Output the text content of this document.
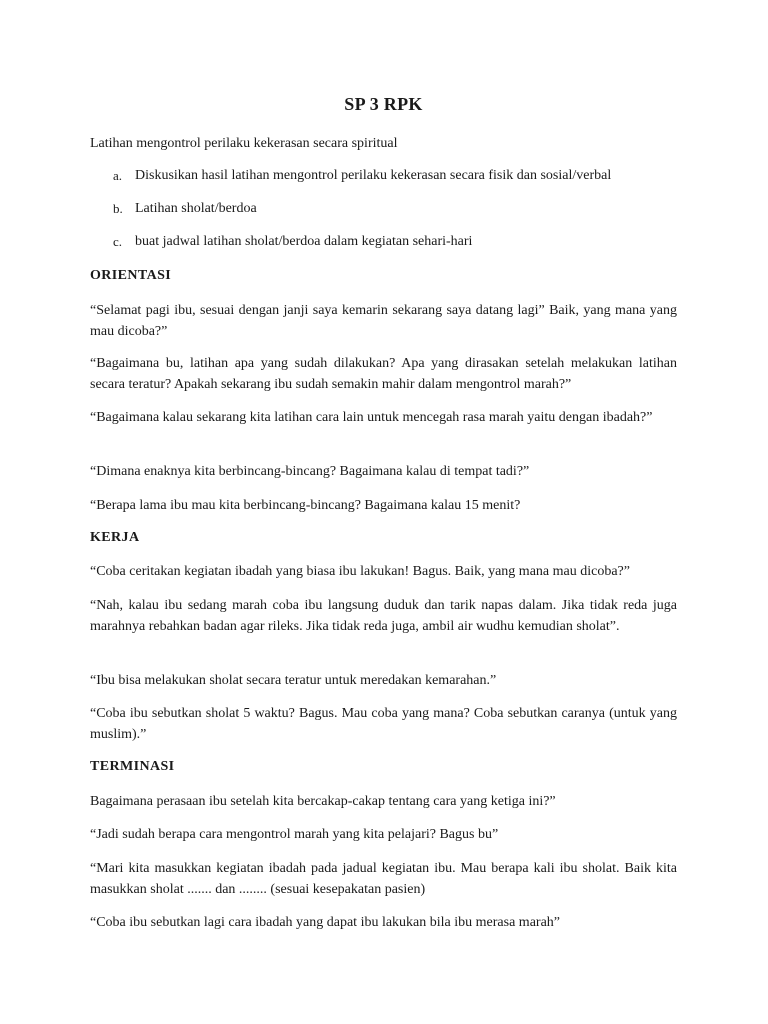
SP 3 RPK
Latihan mengontrol perilaku kekerasan secara spiritual
a. Diskusikan hasil latihan mengontrol perilaku kekerasan secara fisik dan sosial/verbal
b. Latihan sholat/berdoa
c. buat jadwal latihan sholat/berdoa dalam kegiatan sehari-hari
ORIENTASI

“Selamat pagi ibu, sesuai dengan janji saya kemarin sekarang saya datang lagi” Baik, yang mana yang mau dicoba?”

“Bagaimana bu, latihan apa yang sudah dilakukan? Apa yang dirasakan setelah melakukan latihan secara teratur? Apakah sekarang ibu sudah semakin mahir dalam mengontrol marah?”

“Bagaimana kalau sekarang kita latihan cara lain untuk mencegah rasa marah yaitu dengan ibadah?”

“Dimana enaknya kita berbincang-bincang? Bagaimana kalau di tempat tadi?”

“Berapa lama ibu mau kita berbincang-bincang? Bagaimana kalau 15 menit?

KERJA

“Coba ceritakan kegiatan ibadah yang biasa ibu lakukan! Bagus. Baik, yang mana mau dicoba?”

“Nah, kalau ibu sedang marah coba ibu langsung duduk dan tarik napas dalam. Jika tidak reda juga marahnya rebahkan badan agar rileks. Jika tidak reda juga, ambil air wudhu kemudian sholat”.

“Ibu bisa melakukan sholat secara teratur untuk meredakan kemarahan.”

“Coba ibu sebutkan sholat 5 waktu? Bagus. Mau coba yang mana? Coba sebutkan caranya (untuk yang muslim).”

TERMINASI

Bagaimana perasaan ibu setelah kita bercakap-cakap tentang cara yang ketiga ini?”

“Jadi sudah berapa cara mengontrol marah yang kita pelajari? Bagus bu”

“Mari kita masukkan kegiatan ibadah pada jadual kegiatan ibu. Mau berapa kali ibu sholat. Baik kita masukkan sholat ....... dan ........ (sesuai kesepakatan pasien)

“Coba ibu sebutkan lagi cara ibadah yang dapat ibu lakukan bila ibu merasa marah”
